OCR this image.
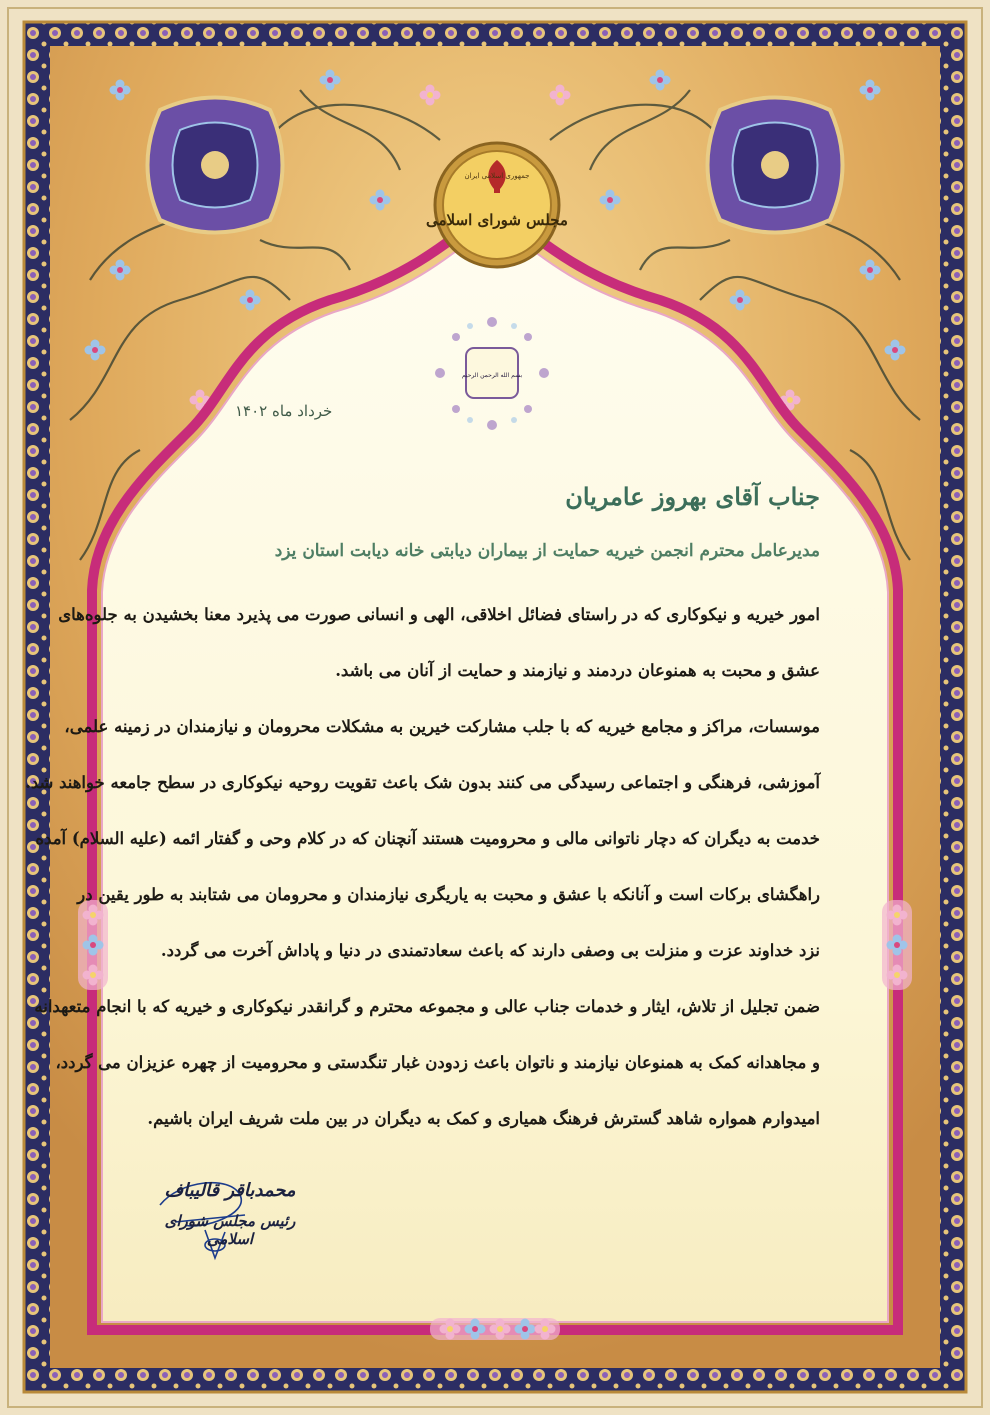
جمهوری اسلامی ایران
مجلس شورای اسلامی
بسم الله الرحمن الرحیم
خرداد ماه ۱۴۰۲
جناب آقای بهروز عامریان
مدیرعامل محترم انجمن خیریه حمایت از بیماران دیابتی خانه دیابت استان یزد
امور خیریه و نیکوکاری که در راستای فضائل اخلاقی، الهی و انسانی صورت می پذیرد معنا بخشیدن به جلوه‌های
عشق و محبت به همنوعان دردمند و نیازمند و حمایت از آنان می باشد.
موسسات، مراکز و مجامع خیریه که با جلب مشارکت خیرین به مشکلات محرومان و نیازمندان در زمینه علمی،
آموزشی، فرهنگی و اجتماعی رسیدگی می کنند بدون شک باعث تقویت روحیه نیکوکاری در سطح جامعه خواهند شد.
خدمت به دیگران که دچار ناتوانی مالی و محرومیت هستند آنچنان که در کلام وحی و گفتار ائمه (علیه السلام) آمده
راهگشای برکات است و آنانکه با عشق و محبت به یاریگری نیازمندان و محرومان می شتابند به طور یقین در
نزد خداوند عزت و منزلت بی وصفی دارند که باعث سعادتمندی در دنیا و پاداش آخرت می گردد.
ضمن تجلیل از تلاش، ایثار و خدمات جناب عالی و مجموعه محترم و گرانقدر نیکوکاری و خیریه که با انجام متعهدانه
و مجاهدانه کمک به همنوعان نیازمند و ناتوان باعث زدودن غبار تنگدستی و محرومیت از چهره عزیزان می گردد،
امیدوارم همواره شاهد گسترش فرهنگ همیاری و کمک به دیگران در بین ملت شریف ایران باشیم.
محمدباقر قالیباف
رئیس مجلس شورای اسلامی
